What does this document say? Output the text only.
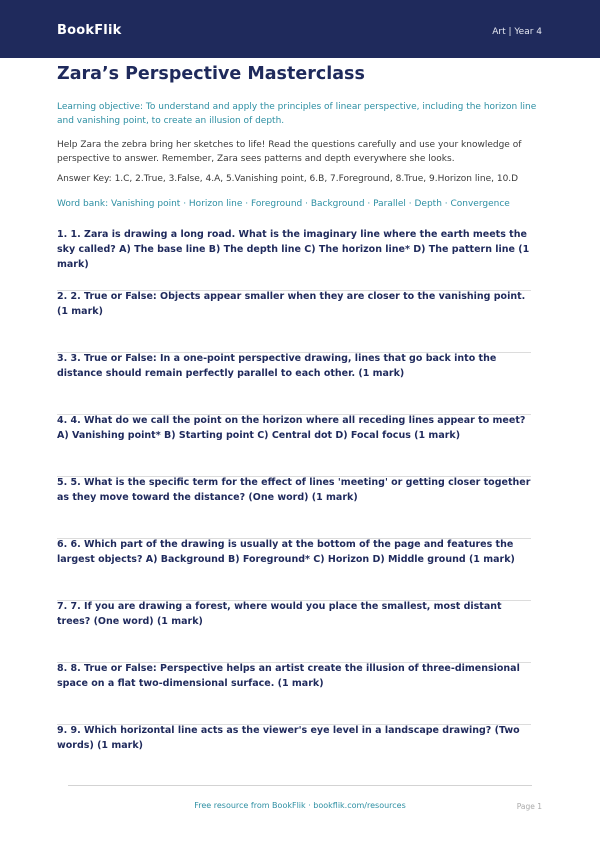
BookFlik	Art | Year 4
Zara’s Perspective Masterclass
Learning objective: To understand and apply the principles of linear perspective, including the horizon line and vanishing point, to create an illusion of depth.
Help Zara the zebra bring her sketches to life! Read the questions carefully and use your knowledge of perspective to answer. Remember, Zara sees patterns and depth everywhere she looks.
Answer Key: 1.C, 2.True, 3.False, 4.A, 5.Vanishing point, 6.B, 7.Foreground, 8.True, 9.Horizon line, 10.D
Word bank: Vanishing point · Horizon line · Foreground · Background · Parallel · Depth · Convergence
1. 1. Zara is drawing a long road. What is the imaginary line where the earth meets the sky called? A) The base line B) The depth line C) The horizon line* D) The pattern line (1 mark)
2. 2. True or False: Objects appear smaller when they are closer to the vanishing point. (1 mark)
3. 3. True or False: In a one-point perspective drawing, lines that go back into the distance should remain perfectly parallel to each other. (1 mark)
4. 4. What do we call the point on the horizon where all receding lines appear to meet? A) Vanishing point* B) Starting point C) Central dot D) Focal focus (1 mark)
5. 5. What is the specific term for the effect of lines 'meeting' or getting closer together as they move toward the distance? (One word) (1 mark)
6. 6. Which part of the drawing is usually at the bottom of the page and features the largest objects? A) Background B) Foreground* C) Horizon D) Middle ground (1 mark)
7. 7. If you are drawing a forest, where would you place the smallest, most distant trees? (One word) (1 mark)
8. 8. True or False: Perspective helps an artist create the illusion of three-dimensional space on a flat two-dimensional surface. (1 mark)
9. 9. Which horizontal line acts as the viewer's eye level in a landscape drawing? (Two words) (1 mark)
Free resource from BookFlik · bookflik.com/resources	Page 1
